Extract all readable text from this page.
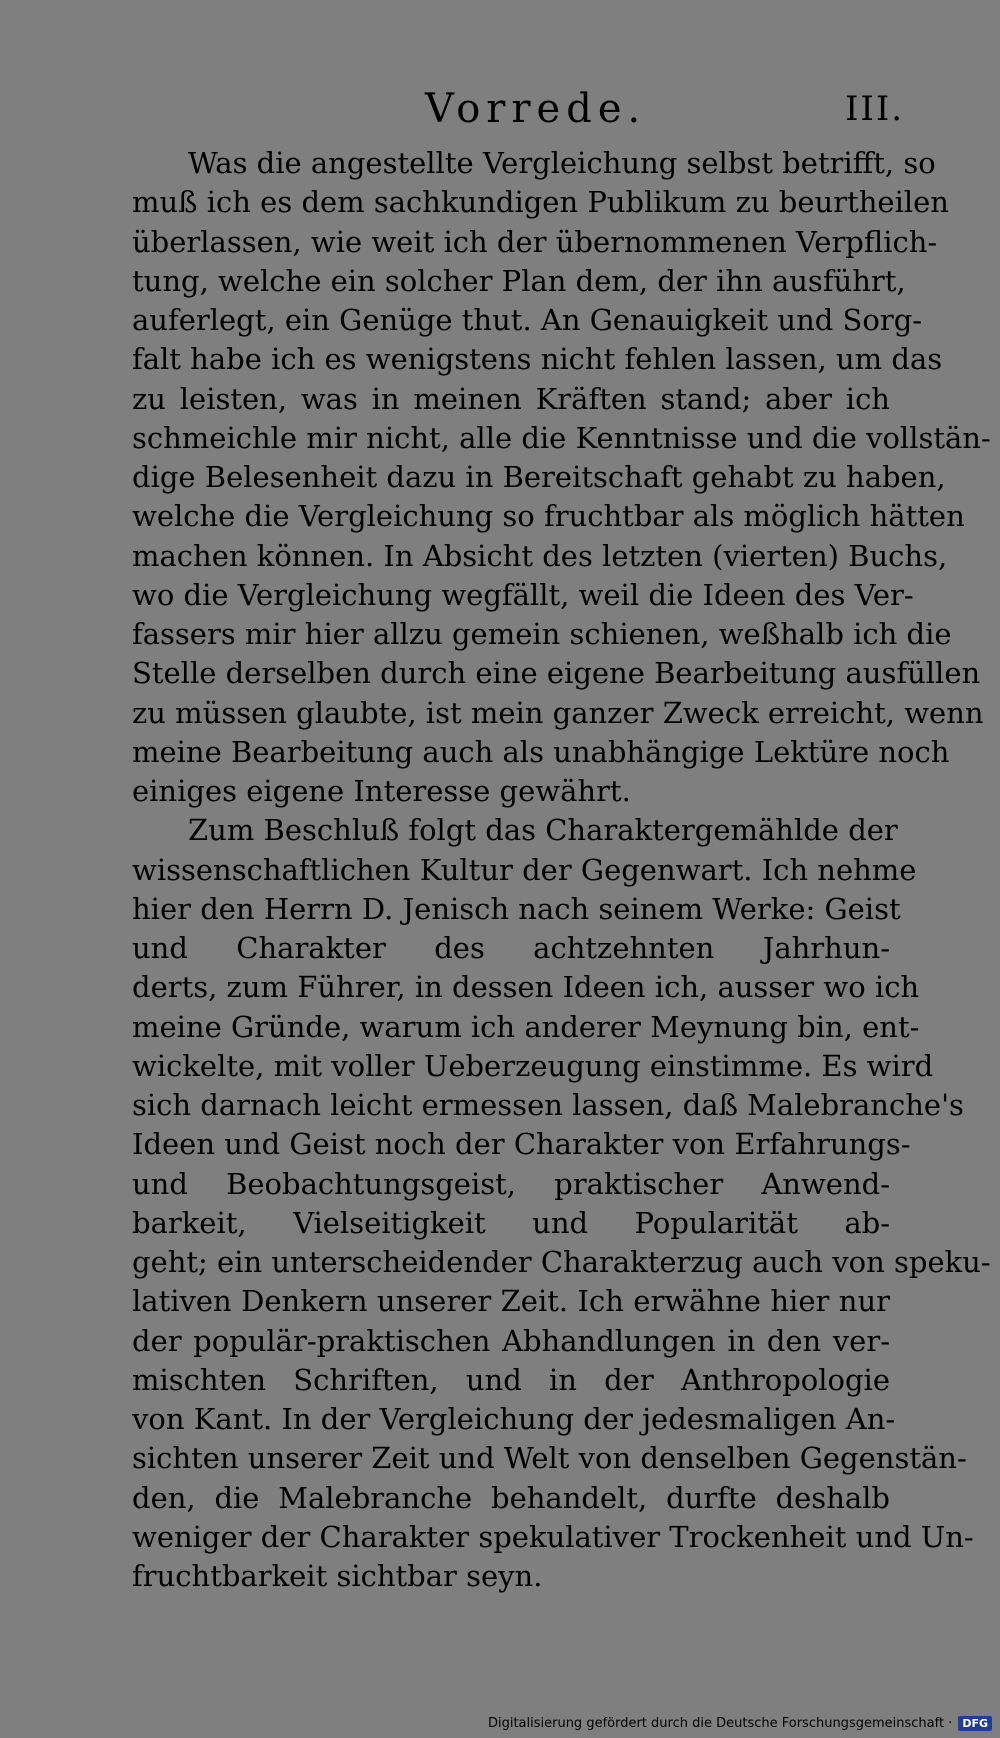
Vorrede.	III.
Was die angestellte Vergleichung selbst betrifft, so
muß ich es dem sachkundigen Publikum zu beurtheilen
überlassen, wie weit ich der übernommenen Verpflich-
tung, welche ein solcher Plan dem, der ihn ausführt,
auferlegt, ein Genüge thut. An Genauigkeit und Sorg-
falt habe ich es wenigstens nicht fehlen lassen, um das
zu leisten, was in meinen Kräften stand; aber ich
schmeichle mir nicht, alle die Kenntnisse und die vollstän-
dige Belesenheit dazu in Bereitschaft gehabt zu haben,
welche die Vergleichung so fruchtbar als möglich hätten
machen können. In Absicht des letzten (vierten) Buchs,
wo die Vergleichung wegfällt, weil die Ideen des Ver-
fassers mir hier allzu gemein schienen, weßhalb ich die
Stelle derselben durch eine eigene Bearbeitung ausfüllen
zu müssen glaubte, ist mein ganzer Zweck erreicht, wenn
meine Bearbeitung auch als unabhängige Lektüre noch
einiges eigene Interesse gewährt.
Zum Beschluß folgt das Charaktergemählde der
wissenschaftlichen Kultur der Gegenwart. Ich nehme
hier den Herrn D. Jenisch nach seinem Werke: Geist
und Charakter des achtzehnten Jahrhun-
derts, zum Führer, in dessen Ideen ich, ausser wo ich
meine Gründe, warum ich anderer Meynung bin, ent-
wickelte, mit voller Ueberzeugung einstimme. Es wird
sich darnach leicht ermessen lassen, daß Malebranche's
Ideen und Geist noch der Charakter von Erfahrungs-
und Beobachtungsgeist, praktischer Anwend-
barkeit, Vielseitigkeit und Popularität ab-
geht; ein unterscheidender Charakterzug auch von speku-
lativen Denkern unserer Zeit. Ich erwähne hier nur
der populär-praktischen Abhandlungen in den ver-
mischten Schriften, und in der Anthropologie
von Kant. In der Vergleichung der jedesmaligen An-
sichten unserer Zeit und Welt von denselben Gegenstän-
den, die Malebranche behandelt, durfte deshalb
weniger der Charakter spekulativer Trockenheit und Un-
fruchtbarkeit sichtbar seyn.
Digitalisierung gefördert durch die Deutsche Forschungsgemeinschaft · DFG
